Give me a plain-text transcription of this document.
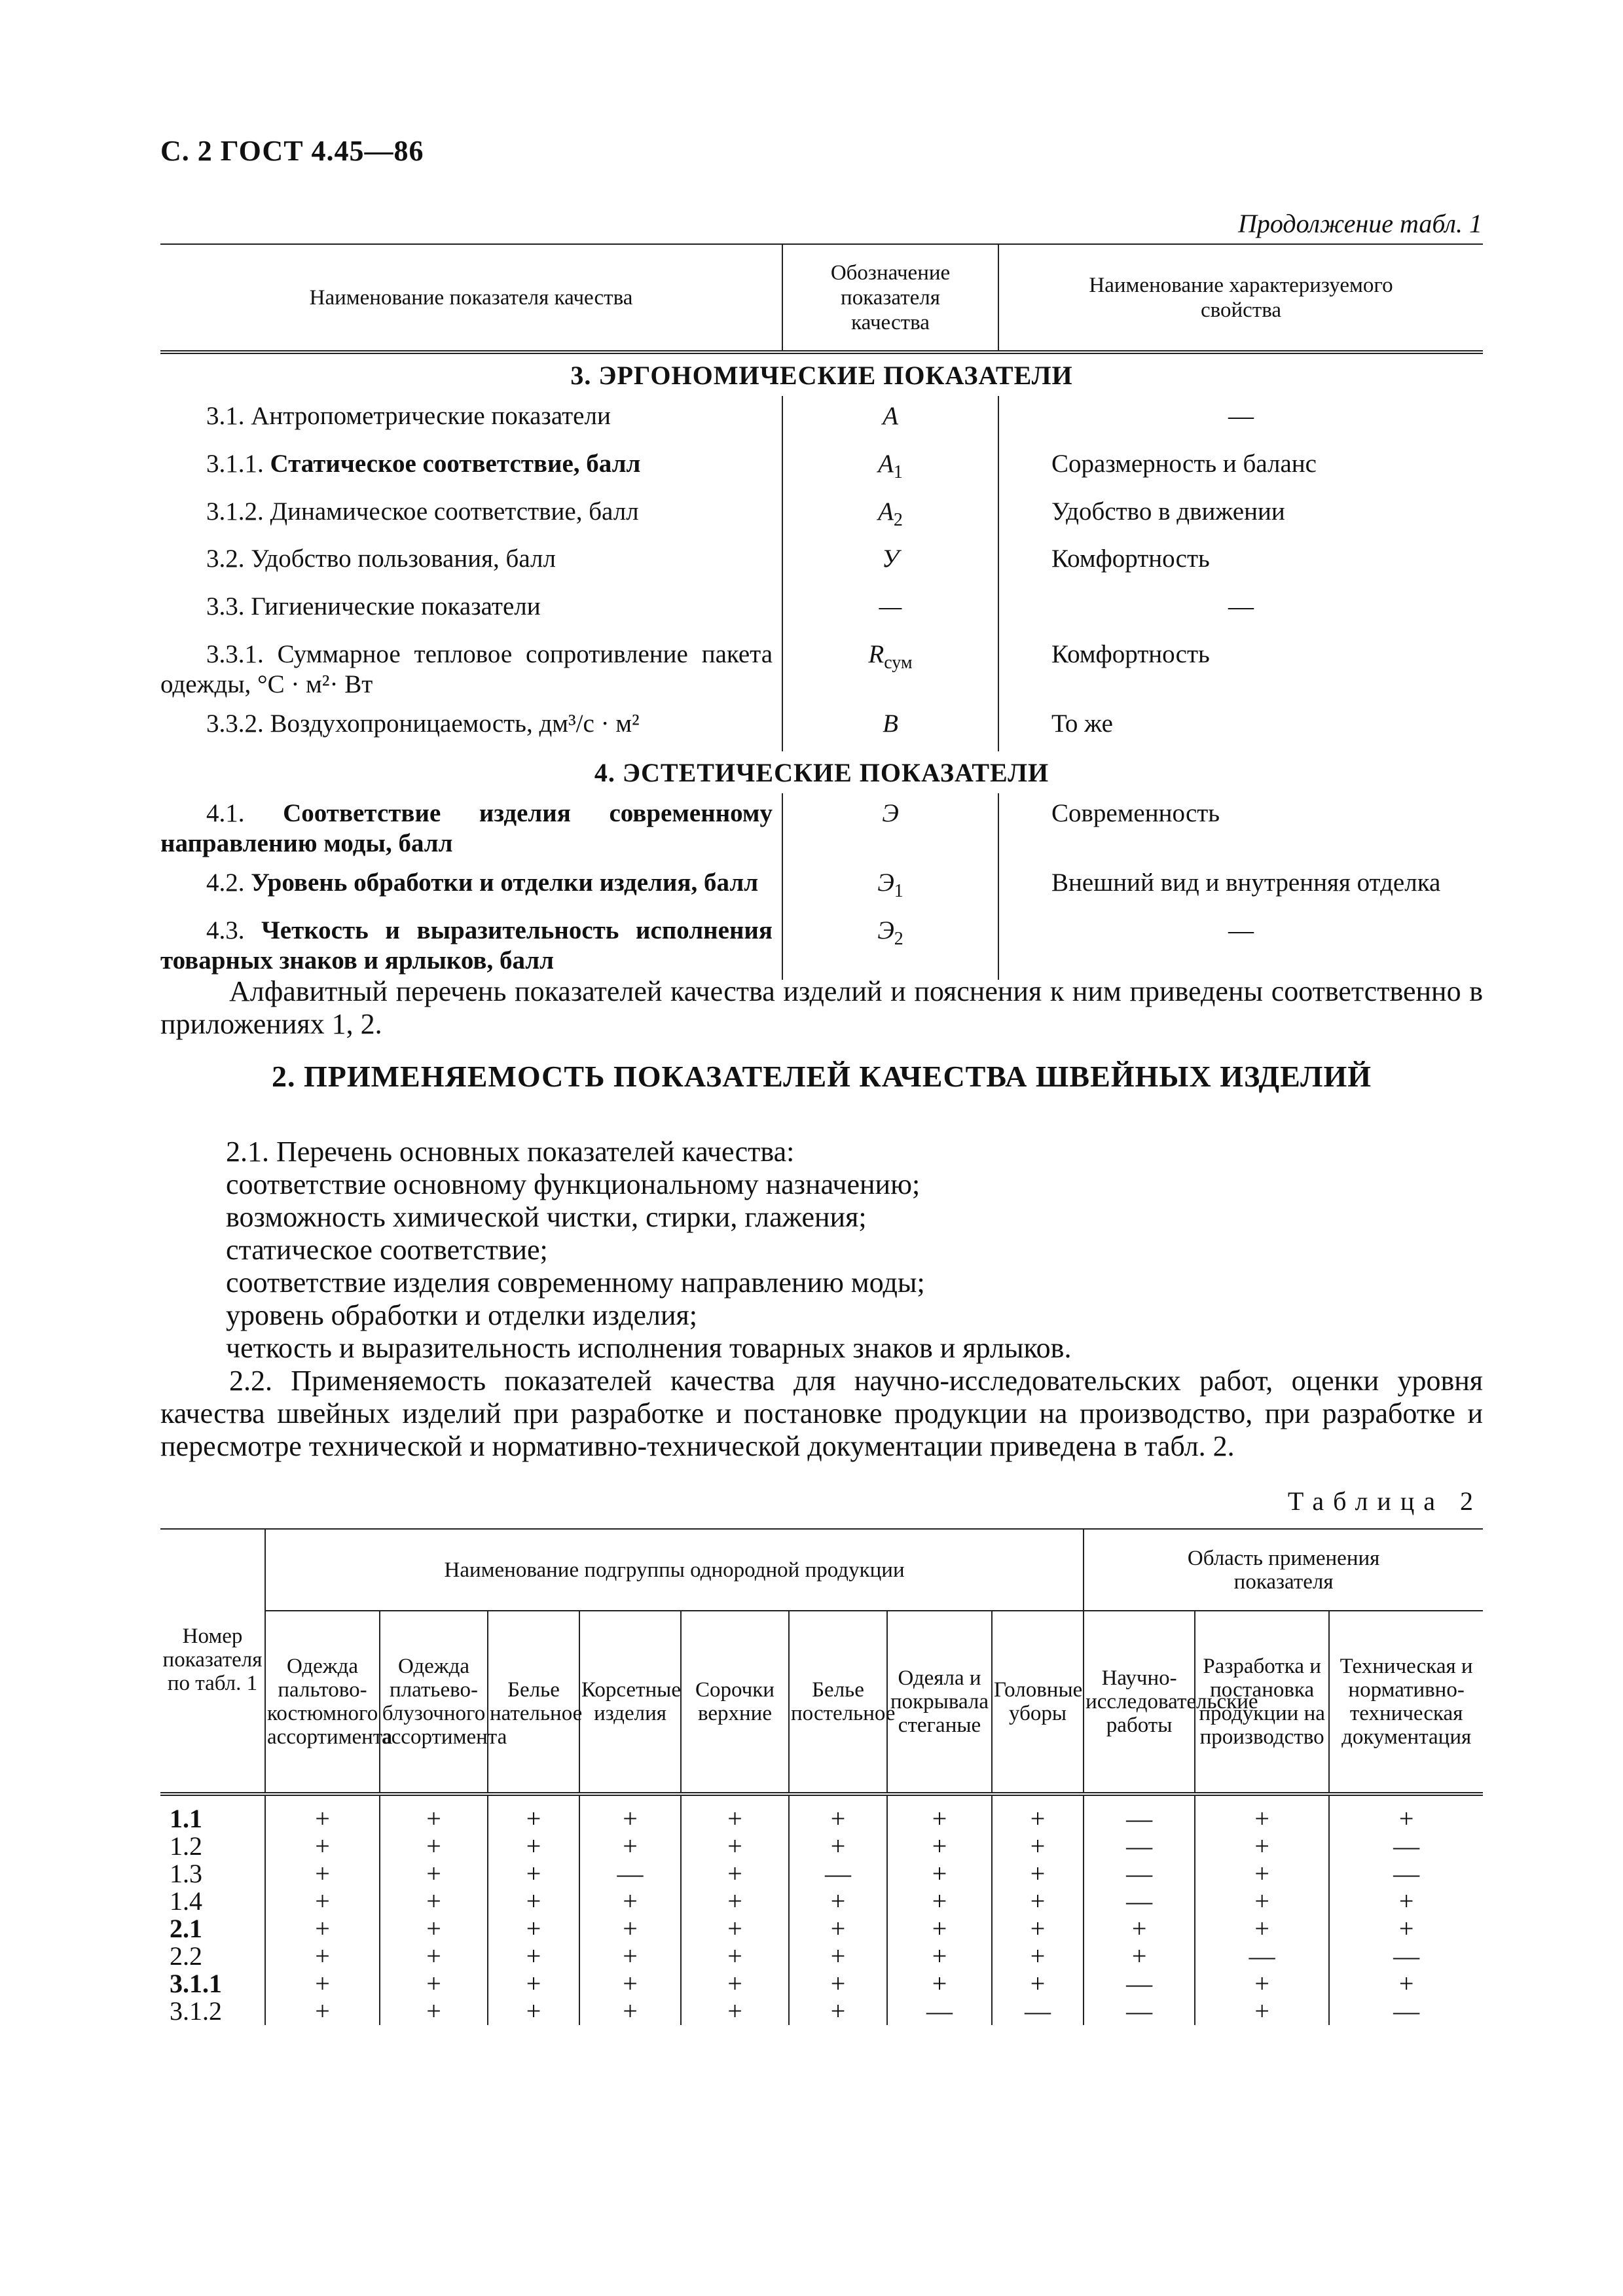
С. 2 ГОСТ 4.45—86
Продолжение табл. 1
Наименование показателя качества	Обозначение показателя качества	Наименование характеризуемого свойства

3. ЭРГОНОМИЧЕСКИЕ ПОКАЗАТЕЛИ		
3.1. Антропометрические показатели	А	—
3.1.1. Статическое соответствие, балл	$А_1$	Соразмерность и баланс
3.1.2. Динамическое соответствие, балл	$А_2$	Удобство в движении
3.2. Удобство пользования, балл	У	Комфортность
3.3. Гигиенические показатели	—	—
3.3.1. Суммарное тепловое сопротивление пакета одежды, °С · м²· Вт	$R_{сум}$	Комфортность
3.3.2. Воздухопроницаемость, дм³/с · м²	В	То же
4. ЭСТЕТИЧЕСКИЕ ПОКАЗАТЕЛИ		
4.1. Соответствие изделия современному направлению моды, балл	Э	Современность
4.2. Уровень обработки и отделки изделия, балл	$Э_1$	Внешний вид и внутренняя отделка
4.3. Четкость и выразительность исполнения товарных знаков и ярлыков, балл	$Э_2$	—
Алфавитный перечень показателей качества изделий и пояснения к ним приведены соответственно в приложениях 1, 2.
2. ПРИМЕНЯЕМОСТЬ ПОКАЗАТЕЛЕЙ КАЧЕСТВА ШВЕЙНЫХ ИЗДЕЛИЙ
2.1. Перечень основных показателей качества:
соответствие основному функциональному назначению;
возможность химической чистки, стирки, глажения;
статическое соответствие;
соответствие изделия современному направлению моды;
уровень обработки и отделки изделия;
четкость и выразительность исполнения товарных знаков и ярлыков.
2.2. Применяемость показателей качества для научно-исследовательских работ, оценки уровня качества швейных изделий при разработке и постановке продукции на производство, при разработке и пересмотре технической и нормативно-технической документации приведена в табл. 2.
Таблица 2
Номер показателя по табл. 1	Наименование подгруппы однородной продукции								Область применения показателя		

	Одежда пальтово-костюмного ассортимента	Одежда платьево-блузочного ассортимента	Белье нательное	Корсетные изделия	Сорочки верхние	Белье постельное	Одеяла и покрывала стеганые	Головные уборы	Научно-исследовательские работы	Разработка и постановка продукции на производство	Техническая и нормативно-техническая документация
1.1	+	+	+	+	+	+	+	+	—	+	+
1.2	+	+	+	+	+	+	+	+	—	+	—
1.3	+	+	+	—	+	—	+	+	—	+	—
1.4	+	+	+	+	+	+	+	+	—	+	+
2.1	+	+	+	+	+	+	+	+	+	+	+
2.2	+	+	+	+	+	+	+	+	+	—	—
3.1.1	+	+	+	+	+	+	+	+	—	+	+
3.1.2	+	+	+	+	+	+	—	—	—	+	—
